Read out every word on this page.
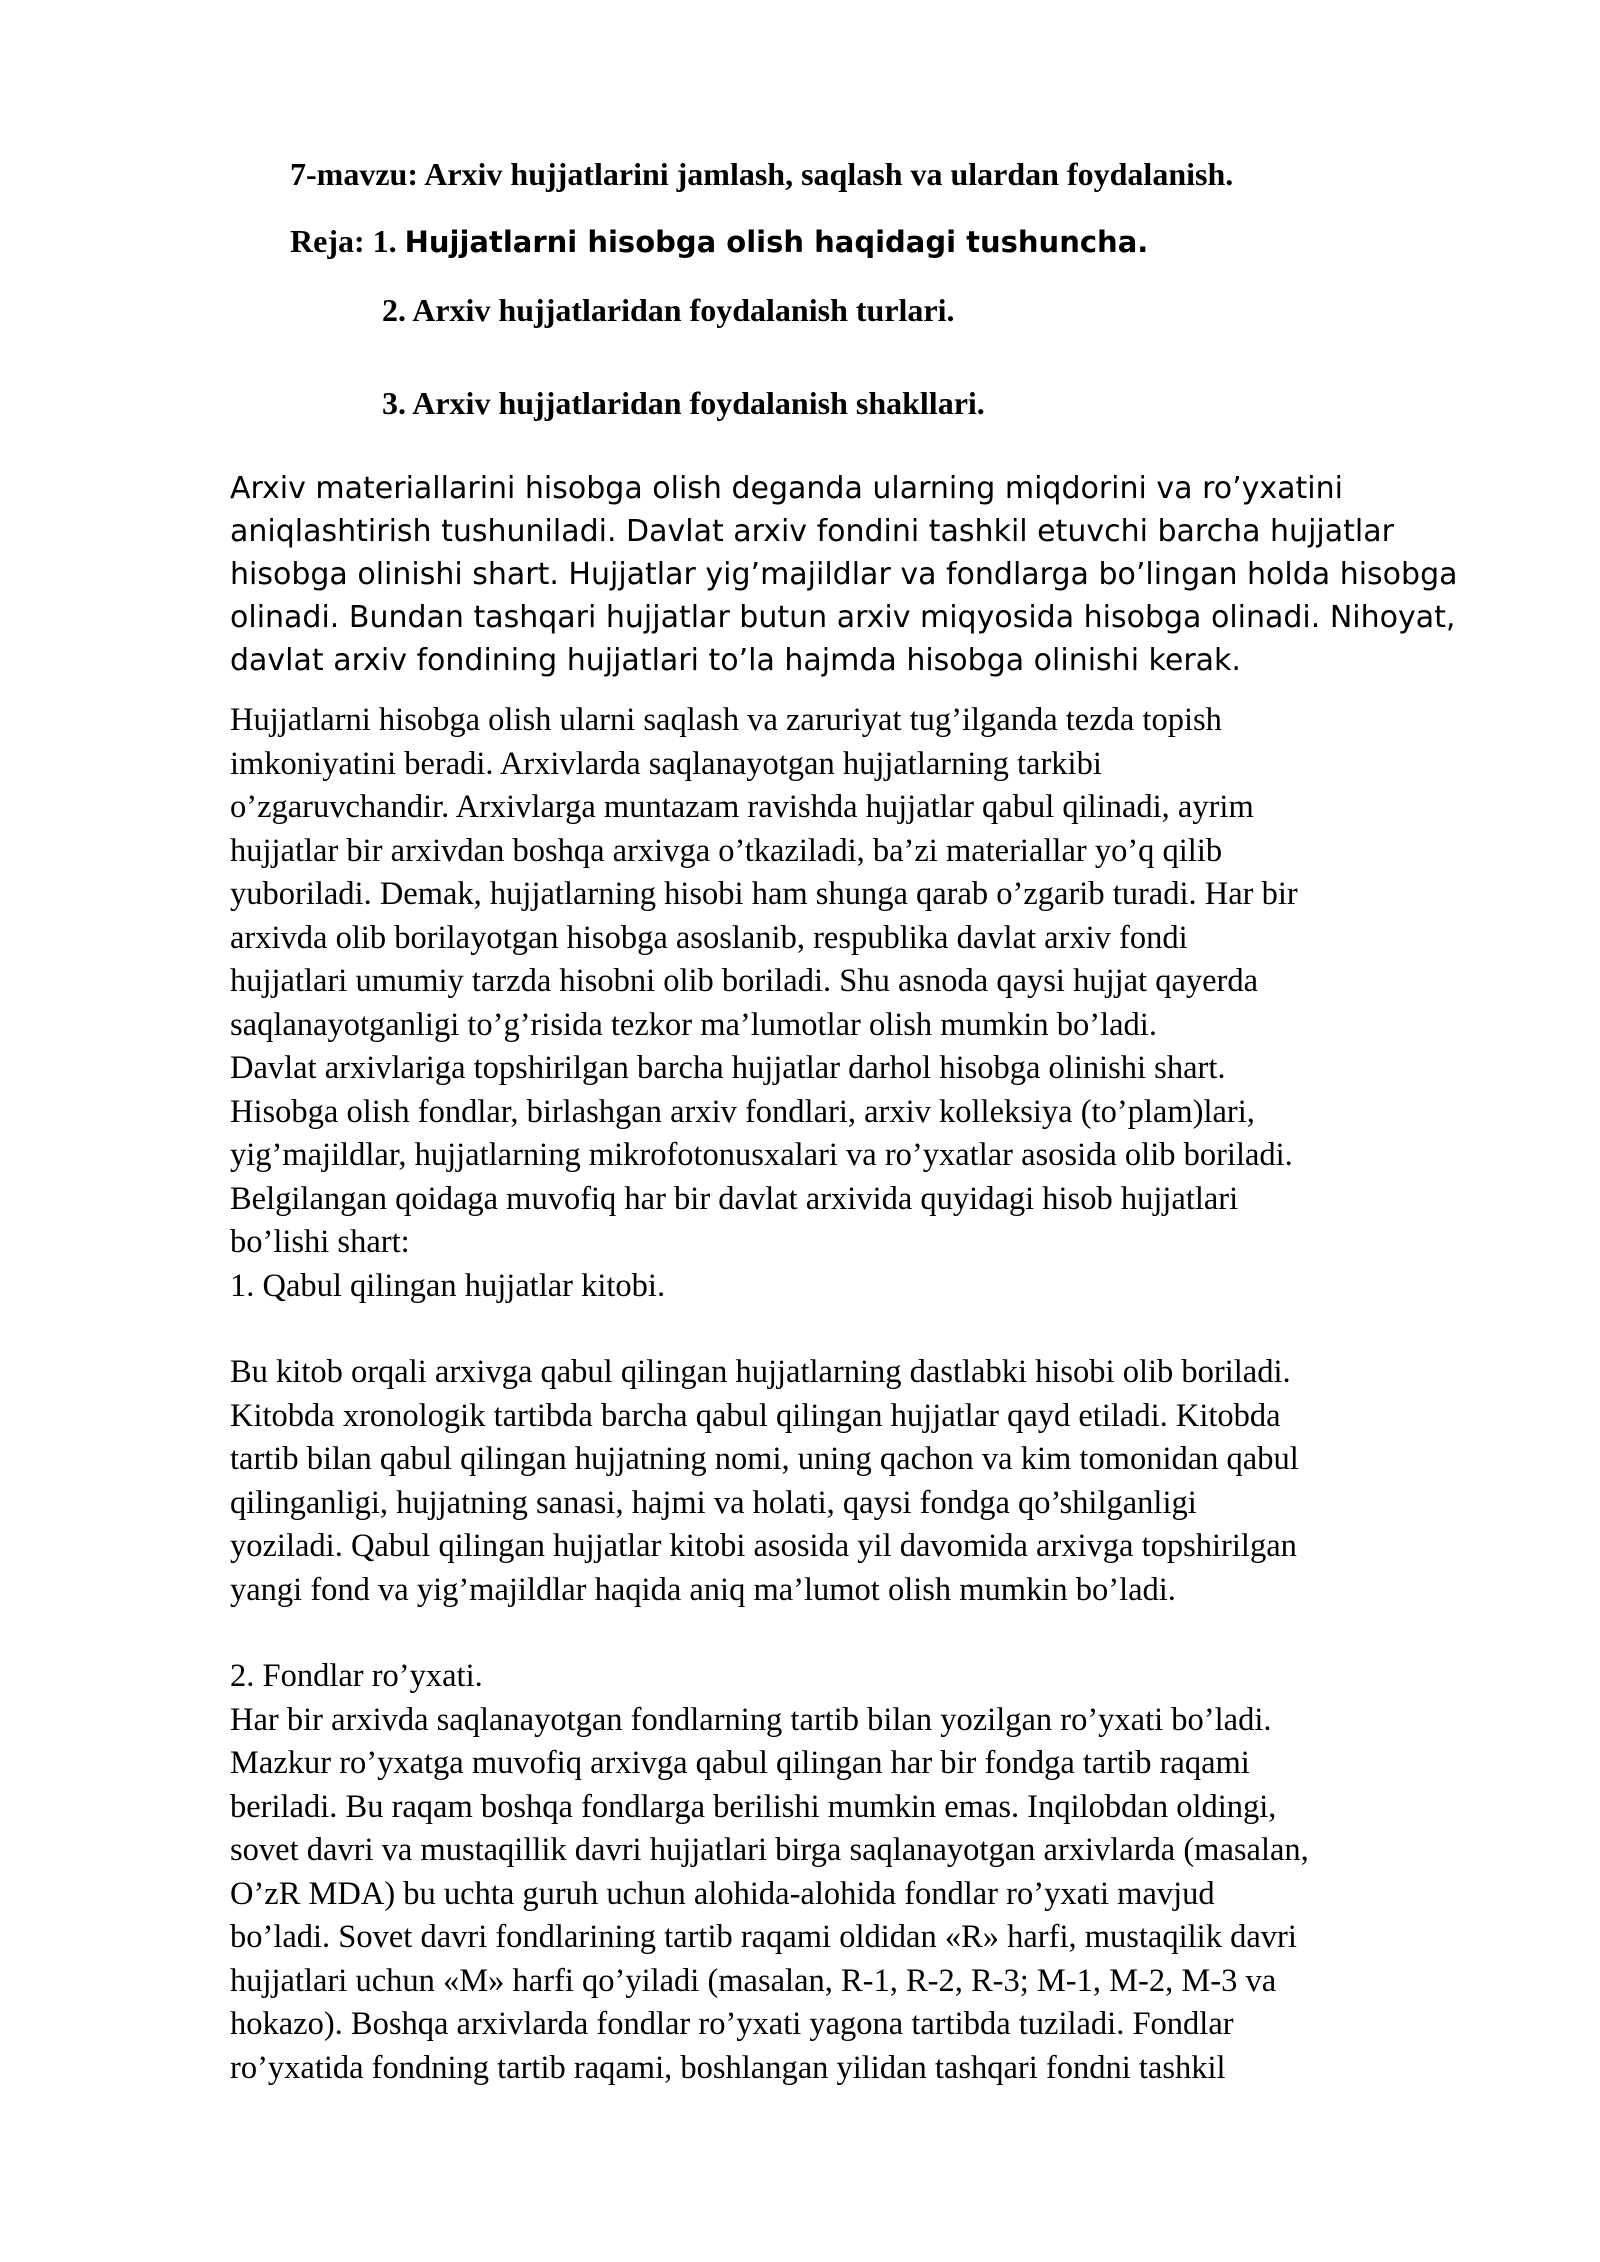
7-mavzu: Arxiv hujjatlarini jamlash, saqlash va ulardan foydalanish.
Reja: 1. Hujjatlarni hisobga olish haqidagi tushuncha.
2. Arxiv hujjatlaridan foydalanish turlari.
3. Arxiv hujjatlaridan foydalanish shakllari.
Arxiv materiallarini hisobga olish deganda ularning miqdorini va ro’yxatini
aniqlashtirish tushuniladi. Davlat arxiv fondini tashkil etuvchi barcha hujjatlar
hisobga olinishi shart. Hujjatlar yig’majildlar va fondlarga bo’lingan holda hisobga
olinadi. Bundan tashqari hujjatlar butun arxiv miqyosida hisobga olinadi. Nihoyat,
davlat arxiv fondining hujjatlari to’la hajmda hisobga olinishi kerak.
Hujjatlarni hisobga olish ularni saqlash va zaruriyat tug’ilganda tezda topish
imkoniyatini beradi. Arxivlarda saqlanayotgan hujjatlarning tarkibi
o’zgaruvchandir. Arxivlarga muntazam ravishda hujjatlar qabul qilinadi, ayrim
hujjatlar bir arxivdan boshqa arxivga o’tkaziladi, ba’zi materiallar yo’q qilib
yuboriladi. Demak, hujjatlarning hisobi ham shunga qarab o’zgarib turadi. Har bir
arxivda olib borilayotgan hisobga asoslanib, respublika davlat arxiv fondi
hujjatlari umumiy tarzda hisobni olib boriladi. Shu asnoda qaysi hujjat qayerda
saqlanayotganligi to’g’risida tezkor ma’lumotlar olish mumkin bo’ladi.
Davlat arxivlariga topshirilgan barcha hujjatlar darhol hisobga olinishi shart.
Hisobga olish fondlar, birlashgan arxiv fondlari, arxiv kolleksiya (to’plam)lari,
yig’majildlar, hujjatlarning mikrofotonusxalari va ro’yxatlar asosida olib boriladi.
Belgilangan qoidaga muvofiq har bir davlat arxivida quyidagi hisob hujjatlari
bo’lishi shart:
1. Qabul qilingan hujjatlar kitobi.
Bu kitob orqali arxivga qabul qilingan hujjatlarning dastlabki hisobi olib boriladi.
Kitobda xronologik tartibda barcha qabul qilingan hujjatlar qayd etiladi. Kitobda
tartib bilan qabul qilingan hujjatning nomi, uning qachon va kim tomonidan qabul
qilinganligi, hujjatning sanasi, hajmi va holati, qaysi fondga qo’shilganligi
yoziladi. Qabul qilingan hujjatlar kitobi asosida yil davomida arxivga topshirilgan
yangi fond va yig’majildlar haqida aniq ma’lumot olish mumkin bo’ladi.
2. Fondlar ro’yxati.
Har bir arxivda saqlanayotgan fondlarning tartib bilan yozilgan ro’yxati bo’ladi.
Mazkur ro’yxatga muvofiq arxivga qabul qilingan har bir fondga tartib raqami
beriladi. Bu raqam boshqa fondlarga berilishi mumkin emas. Inqilobdan oldingi,
sovet davri va mustaqillik davri hujjatlari birga saqlanayotgan arxivlarda (masalan,
O’zR MDA) bu uchta guruh uchun alohida-alohida fondlar ro’yxati mavjud
bo’ladi. Sovet davri fondlarining tartib raqami oldidan «R» harfi, mustaqilik davri
hujjatlari uchun «M» harfi qo’yiladi (masalan, R-1, R-2, R-3; M-1, M-2, M-3 va
hokazo). Boshqa arxivlarda fondlar ro’yxati yagona tartibda tuziladi. Fondlar
ro’yxatida fondning tartib raqami, boshlangan yilidan tashqari fondni tashkil
